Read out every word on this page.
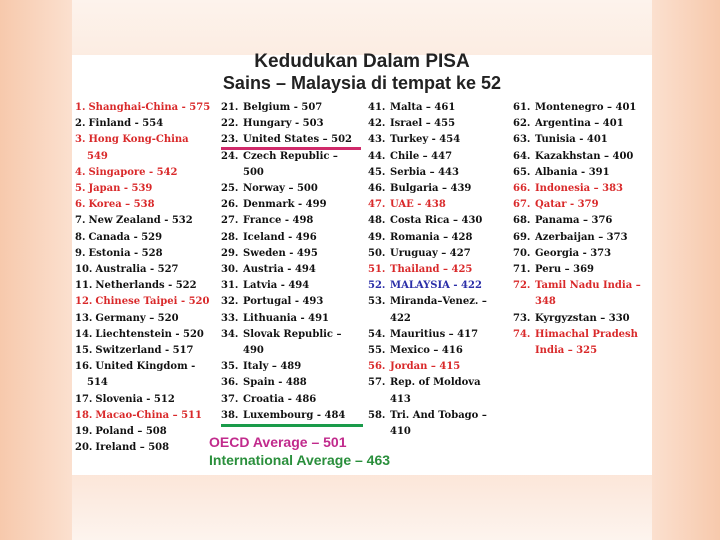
Kedudukan Dalam PISA
Sains – Malaysia di tempat ke 52
1. Shanghai-China - 575
2. Finland - 554
3. Hong Kong-China
549
4. Singapore - 542
5. Japan - 539
6. Korea – 538
7. New Zealand - 532
8. Canada - 529
9. Estonia - 528
10. Australia - 527
11. Netherlands - 522
12. Chinese Taipei - 520
13. Germany – 520
14. Liechtenstein - 520
15. Switzerland - 517
16. United Kingdom -
514
17. Slovenia - 512
18. Macao-China – 511
19. Poland – 508
20. Ireland – 508
21. Belgium - 507
22. Hungary - 503
23. United States – 502
24. Czech Republic –
500
25. Norway – 500
26. Denmark - 499
27. France - 498
28. Iceland - 496
29. Sweden - 495
30. Austria - 494
31. Latvia - 494
32. Portugal - 493
33. Lithuania - 491
34. Slovak Republic –
490
35. Italy – 489
36. Spain - 488
37. Croatia - 486
38. Luxembourg - 484
41. Malta – 461
42. Israel – 455
43. Turkey - 454
44. Chile – 447
45. Serbia – 443
46. Bulgaria – 439
47. UAE - 438
48. Costa Rica – 430
49. Romania – 428
50. Uruguay – 427
51. Thailand – 425
52. MALAYSIA - 422
53. Miranda–Venez. –
422
54. Mauritius – 417
55. Mexico – 416
56. Jordan – 415
57. Rep. of Moldova
413
58. Tri. And Tobago –
410
61. Montenegro – 401
62. Argentina – 401
63. Tunisia - 401
64. Kazakhstan – 400
65. Albania - 391
66. Indonesia – 383
67. Qatar - 379
68. Panama – 376
69. Azerbaijan – 373
70. Georgia - 373
71. Peru – 369
72. Tamil Nadu India –
348
73. Kyrgyzstan – 330
74. Himachal Pradesh
India – 325
OECD Average – 501
International Average – 463
